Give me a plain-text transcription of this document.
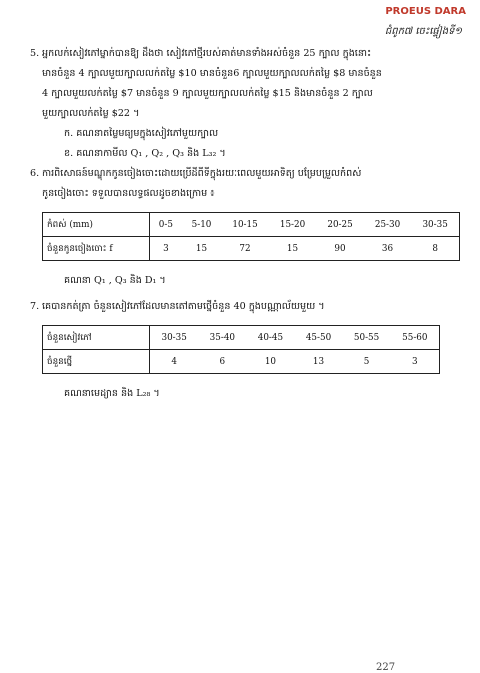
PROEUS DARA
ជំពូក៧ ចេះផ្ទៀងទី១
5. អ្នកលក់សៀវភៅម្នាក់បានឱ្យ ដឹងថា សៀវភៅថ្មីរបស់គាត់មានទាំងអស់ចំនួន 25 ក្បាល ក្នុងនោះ
មានចំនួន 4 ក្បាលមួយក្បាលលក់តម្លៃ $10 មានចំនួន6 ក្បាលមួយក្បាលលក់តម្លៃ $8 មានចំនួន
4 ក្បាលមួយលក់តម្លៃ $7 មានចំនួន 9 ក្បាលមួយក្បាលលក់តម្លៃ $15 និងមានចំនួន 2 ក្បាល
មួយក្បាលលក់តម្លៃ $22 ។
ក. គណនាតម្លៃមធ្យមក្នុងសៀវភៅមួយក្បាល
ខ. គណនាកាមីល Q₁ , Q₂ , Q₃ និង L₃₂ ។
6. ការពិសោធន៍មណ្ឌុកកូនចៀងចោះដោយប្រើដីពីទីក្នុងរយៈពេលមួយអាទិត្យ បម្រែបម្រួលកំពស់
កូនចៀងចោះ ទទួលបានលទ្ធផលដូចខាងក្រោម ៖
កំពស់ (mm)	0-5	5-10	10-15	15-20	20-25	25-30	30-35
ចំនួនកូនចៀងចោះ f	3	15	72	15	90	36	8
គណនា Q₁ , Q₃ និង D₁ ។
7. គេបានកត់ត្រា ចំនួនសៀវភៅដែលមានតៅតាមថ្នើចំនួន 40 ក្នុងបណ្ណាល័យមួយ ។
ចំនួនសៀវភៅ	30-35	35-40	40-45	45-50	50-55	55-60
ចំនួនថ្នើ	4	6	10	13	5	3
គណនាមេដ្យាន និង L₂₈ ។
227
